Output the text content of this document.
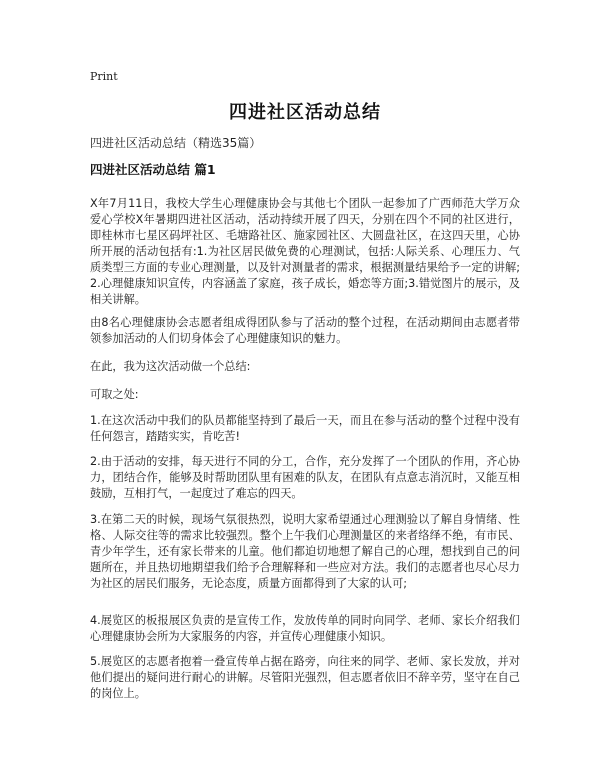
Print
四进社区活动总结
四进社区活动总结（精选35篇）
四进社区活动总结 篇1

X年7月11日，我校大学生心理健康协会与其他七个团队一起参加了广西师范大学万众爱心学校X年暑期四进社区活动，活动持续开展了四天，分别在四个不同的社区进行，即桂林市七星区码坪社区、毛塘路社区、施家园社区、大圆盘社区，在这四天里，心协所开展的活动包括有:1.为社区居民做免费的心理测试，包括:人际关系、心理压力、气质类型三方面的专业心理测量，以及针对测量者的需求，根据测量结果给予一定的讲解;2.心理健康知识宣传，内容涵盖了家庭，孩子成长，婚恋等方面;3.错觉图片的展示，及相关讲解。

由8名心理健康协会志愿者组成得团队参与了活动的整个过程，在活动期间由志愿者带领参加活动的人们切身体会了心理健康知识的魅力。

在此，我为这次活动做一个总结:

可取之处:

1.在这次活动中我们的队员都能坚持到了最后一天，而且在参与活动的整个过程中没有任何怨言，踏踏实实，肯吃苦!

2.由于活动的安排，每天进行不同的分工，合作，充分发挥了一个团队的作用，齐心协力，团结合作，能够及时帮助团队里有困难的队友，在团队有点意志消沉时，又能互相鼓励，互相打气，一起度过了难忘的四天。

3.在第二天的时候，现场气氛很热烈，说明大家希望通过心理测验以了解自身情绪、性格、人际交往等的需求比较强烈。整个上午我们心理测量区的来者络绎不绝，有市民、青少年学生，还有家长带来的儿童。他们都迫切地想了解自己的心理，想找到自己的问题所在，并且热切地期望我们给予合理解释和一些应对方法。我们的志愿者也尽心尽力为社区的居民们服务，无论态度，质量方面都得到了大家的认可;

4.展览区的板报展区负责的是宣传工作，发放传单的同时向同学、老师、家长介绍我们心理健康协会所为大家服务的内容，并宣传心理健康小知识。

5.展览区的志愿者抱着一叠宣传单占据在路旁，向往来的同学、老师、家长发放，并对他们提出的疑问进行耐心的讲解。尽管阳光强烈，但志愿者依旧不辞辛劳，坚守在自己的岗位上。
